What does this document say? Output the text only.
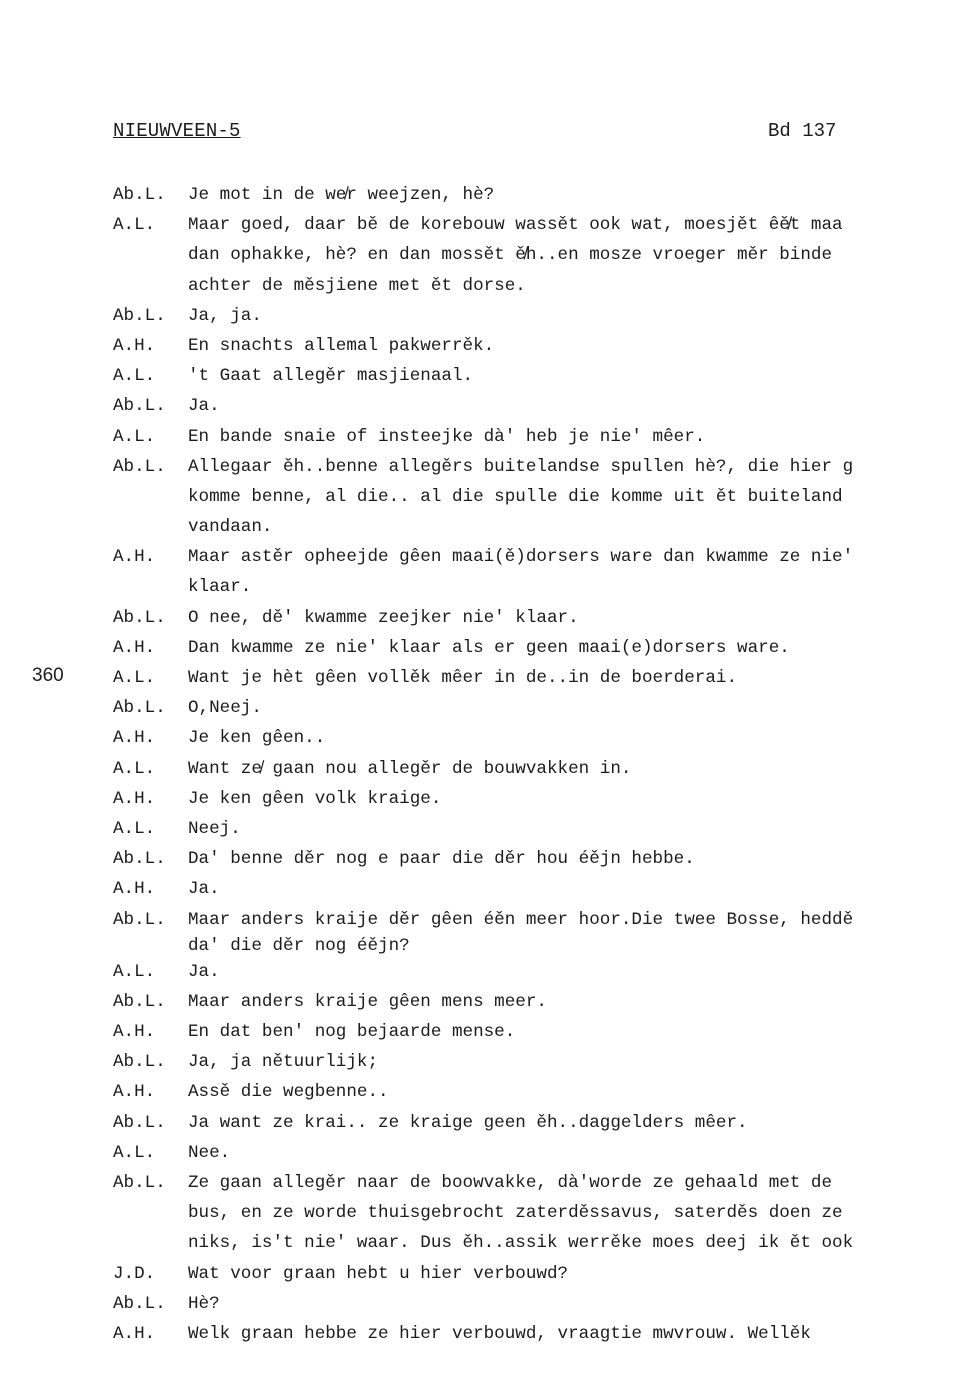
NIEUWVEEN-5	Bd 137
360
Ab.L. Je mot in de we̸r weejzen, hè?
A.L. Maar goed, daar bě de korebouw wassět ook wat, moesjět êě̸t maa
dan ophakke, hè? en dan mossět ě̸h..en mosze vroeger měr binde
achter de měsjiene met ět dorse.
Ab.L. Ja, ja.
A.H. En snachts allemal pakwerrěk.
A.L. 't Gaat allegěr masjienaal.
Ab.L. Ja.
A.L. En bande snaie of insteejke dà' heb je nie' mêer.
Ab.L. Allegaar ěh..benne allegěrs buitelandse spullen hè?, die hier g
komme benne, al die.. al die spulle die komme uit ět buiteland
vandaan.
A.H. Maar astěr opheejde gêen maai(ě)dorsers ware dan kwamme ze nie'
klaar.
Ab.L. O nee, dě' kwamme zeejker nie' klaar.
A.H. Dan kwamme ze nie' klaar als er geen maai(e)dorsers ware.
A.L. Want je hèt gêen vollěk mêer in de..in de boerderai.
Ab.L. O,Neej.
A.H. Je ken gêen..
A.L. Want ze̸ gaan nou allegěr de bouwvakken in.
A.H. Je ken gêen volk kraige.
A.L. Neej.
Ab.L. Da' benne děr nog e paar die děr hou éějn hebbe.
A.H. Ja.
Ab.L. Maar anders kraije děr gêen éěn meer hoor.Die twee Bosse, heddě
da' die děr nog éějn?
A.L. Ja.
Ab.L. Maar anders kraije gêen mens meer.
A.H. En dat ben' nog bejaarde mense.
Ab.L. Ja, ja nětuurlijk;
A.H. Assě die wegbenne..
Ab.L. Ja want ze krai.. ze kraige geen ěh..daggelders mêer.
A.L. Nee.
Ab.L. Ze gaan allegěr naar de boowvakke, dà'worde ze gehaald met de
bus, en ze worde thuisgebrocht zaterděssavus, saterděs doen ze
niks, is't nie' waar. Dus ěh..assik werrěke moes deej ik ět ook
J.D. Wat voor graan hebt u hier verbouwd?
Ab.L. Hè?
A.H. Welk graan hebbe ze hier verbouwd, vraagtie mwvrouw. Wellěk
